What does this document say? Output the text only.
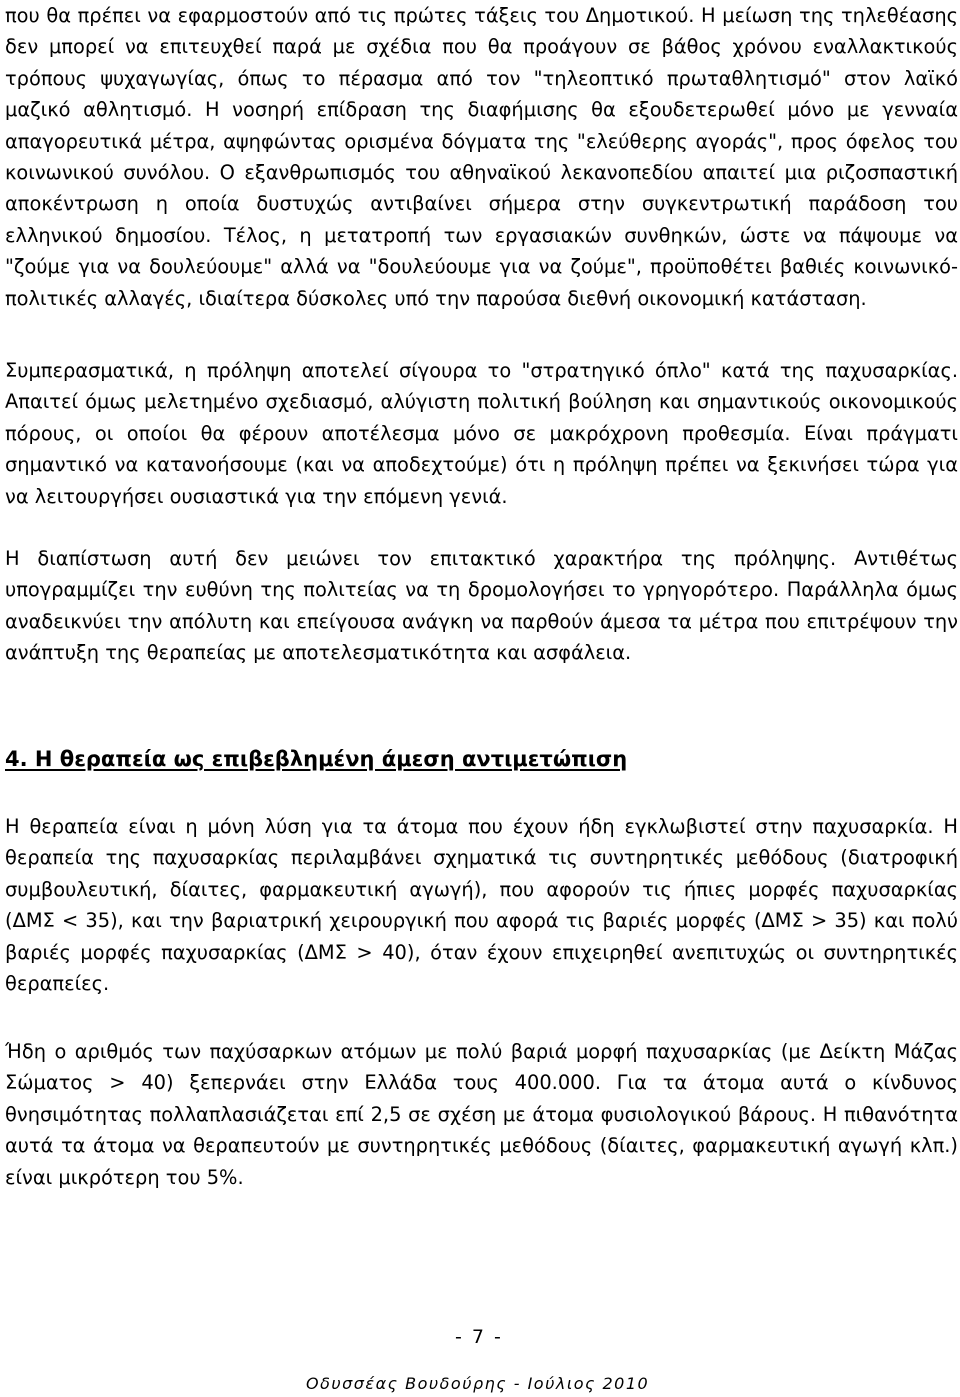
που θα πρέπει να εφαρμοστούν από τις πρώτες τάξεις του Δημοτικού. Η μείωση της τηλεθέασης δεν μπορεί να επιτευχθεί παρά με σχέδια που θα προάγουν σε βάθος χρόνου εναλλακτικούς τρόπους ψυχαγωγίας, όπως το πέρασμα από τον "τηλεοπτικό πρωταθλητισμό" στον λαϊκό μαζικό αθλητισμό. Η νοσηρή επίδραση της διαφήμισης θα εξουδετερωθεί μόνο με γενναία απαγορευτικά μέτρα, αψηφώντας ορισμένα δόγματα της "ελεύθερης αγοράς", προς όφελος του κοινωνικού συνόλου. Ο εξανθρωπισμός του αθηναϊκού λεκανοπεδίου απαιτεί μια ριζοσπαστική αποκέντρωση η οποία δυστυχώς αντιβαίνει σήμερα στην συγκεντρωτική παράδοση του ελληνικού δημοσίου. Τέλος, η μετατροπή των εργασιακών συνθηκών, ώστε να πάψουμε να "ζούμε για να δουλεύουμε" αλλά να "δουλεύουμε για να ζούμε", προϋποθέτει βαθιές κοινωνικό-πολιτικές αλλαγές, ιδιαίτερα δύσκολες υπό την παρούσα διεθνή οικονομική κατάσταση.

Συμπερασματικά, η πρόληψη αποτελεί σίγουρα το "στρατηγικό όπλο" κατά της παχυσαρκίας. Απαιτεί όμως μελετημένο σχεδιασμό, αλύγιστη πολιτική βούληση και σημαντικούς οικονομικούς πόρους, οι οποίοι θα φέρουν αποτέλεσμα μόνο σε μακρόχρονη προθεσμία. Είναι πράγματι σημαντικό να κατανοήσουμε (και να αποδεχτούμε) ότι η πρόληψη πρέπει να ξεκινήσει τώρα για να λειτουργήσει ουσιαστικά για την επόμενη γενιά.

Η διαπίστωση αυτή δεν μειώνει τον επιτακτικό χαρακτήρα της πρόληψης. Αντιθέτως υπογραμμίζει την ευθύνη της πολιτείας να τη δρομολογήσει το γρηγορότερο. Παράλληλα όμως αναδεικνύει την απόλυτη και επείγουσα ανάγκη να παρθούν άμεσα τα μέτρα που επιτρέψουν την ανάπτυξη της θεραπείας με αποτελεσματικότητα και ασφάλεια.

4. Η θεραπεία ως επιβεβλημένη άμεση αντιμετώπιση

Η θεραπεία είναι η μόνη λύση για τα άτομα που έχουν ήδη εγκλωβιστεί στην παχυσαρκία. Η θεραπεία της παχυσαρκίας περιλαμβάνει σχηματικά τις συντηρητικές μεθόδους (διατροφική συμβουλευτική, δίαιτες, φαρμακευτική αγωγή), που αφορούν τις ήπιες μορφές παχυσαρκίας (ΔΜΣ < 35), και την βαριατρική χειρουργική που αφορά τις βαριές μορφές (ΔΜΣ > 35) και πολύ βαριές μορφές παχυσαρκίας (ΔΜΣ > 40), όταν έχουν επιχειρηθεί ανεπιτυχώς οι συντηρητικές θεραπείες.

Ήδη ο αριθμός των παχύσαρκων ατόμων με πολύ βαριά μορφή παχυσαρκίας (με Δείκτη Μάζας Σώματος > 40) ξεπερνάει στην Ελλάδα τους 400.000. Για τα άτομα αυτά ο κίνδυνος θνησιμότητας πολλαπλασιάζεται επί 2,5 σε σχέση με άτομα φυσιολογικού βάρους. Η πιθανότητα αυτά τα άτομα να θεραπευτούν με συντηρητικές μεθόδους (δίαιτες, φαρμακευτική αγωγή κλπ.) είναι μικρότερη του 5%.

- 7 -
Οδυσσέας Βουδούρης - Ιούλιος 2010
